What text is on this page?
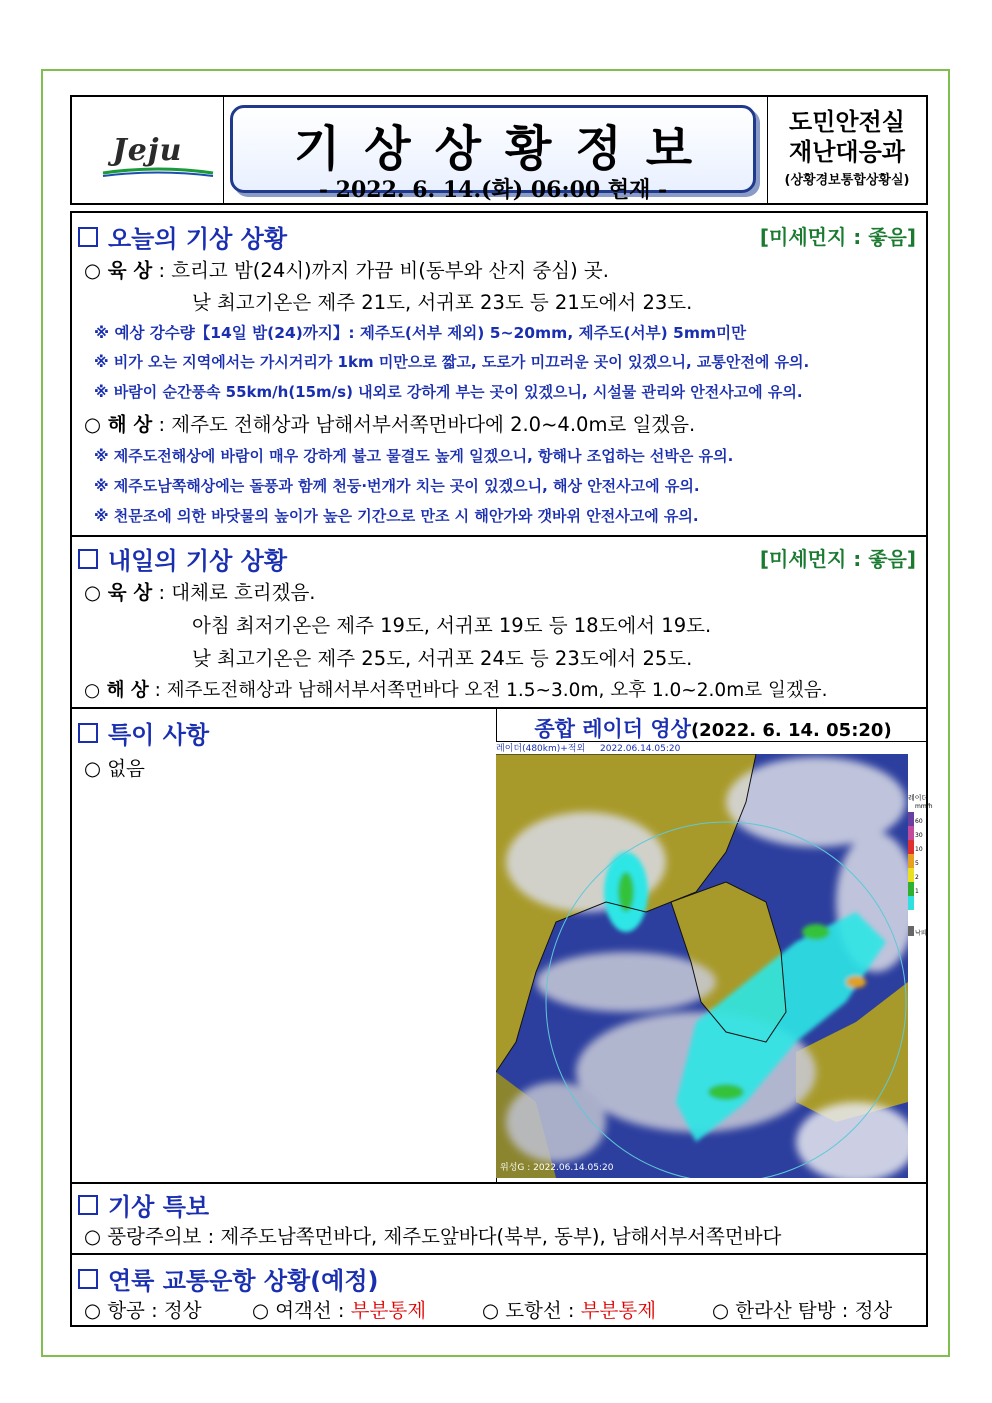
Jeju	기상상황정보
- 2022. 6. 14.(화) 06:00 현재 -
도민안전실
재난대응과
(상황경보통합상황실)
오늘의 기상 상황	[미세먼지 : 좋음]
○ 육 상 : 흐리고 밤(24시)까지 가끔 비(동부와 산지 중심) 곳.
낮 최고기온은 제주 21도, 서귀포 23도 등 21도에서 23도.
※ 예상 강수량【14일 밤(24)까지】: 제주도(서부 제외) 5~20mm, 제주도(서부) 5mm미만
※ 비가 오는 지역에서는 가시거리가 1km 미만으로 짧고, 도로가 미끄러운 곳이 있겠으니, 교통안전에 유의.
※ 바람이 순간풍속 55km/h(15m/s) 내외로 강하게 부는 곳이 있겠으니, 시설물 관리와 안전사고에 유의.
○ 해 상 : 제주도 전해상과 남해서부서쪽먼바다에 2.0~4.0m로 일겠음.
※ 제주도전해상에 바람이 매우 강하게 불고 물결도 높게 일겠으니, 항해나 조업하는 선박은 유의.
※ 제주도남쪽해상에는 돌풍과 함께 천둥·번개가 치는 곳이 있겠으니, 해상 안전사고에 유의.
※ 천문조에 의한 바닷물의 높이가 높은 기간으로 만조 시 해안가와 갯바위 안전사고에 유의.
내일의 기상 상황	[미세먼지 : 좋음]
○ 육 상 : 대체로 흐리겠음.
아침 최저기온은 제주 19도, 서귀포 19도 등 18도에서 19도.
낮 최고기온은 제주 25도, 서귀포 24도 등 23도에서 25도.
○ 해 상 : 제주도전해상과 남해서부서쪽먼바다 오전 1.5~3.0m, 오후 1.0~2.0m로 일겠음.
특이 사항
○ 없음
종합 레이더 영상(2022. 6. 14. 05:20)
레이더(480km)+적외 2022.06.14.05:20
위성G : 2022.06.14.05:20
레이더
mm/h
60
30
10
5
2
1
낙뢰
기상 특보
○ 풍랑주의보 : 제주도남쪽먼바다, 제주도앞바다(북부, 동부), 남해서부서쪽먼바다
연륙 교통운항 상황(예정)
○ 항공 : 정상	○ 여객선 : 부분통제	○ 도항선 : 부분통제	○ 한라산 탐방 : 정상
